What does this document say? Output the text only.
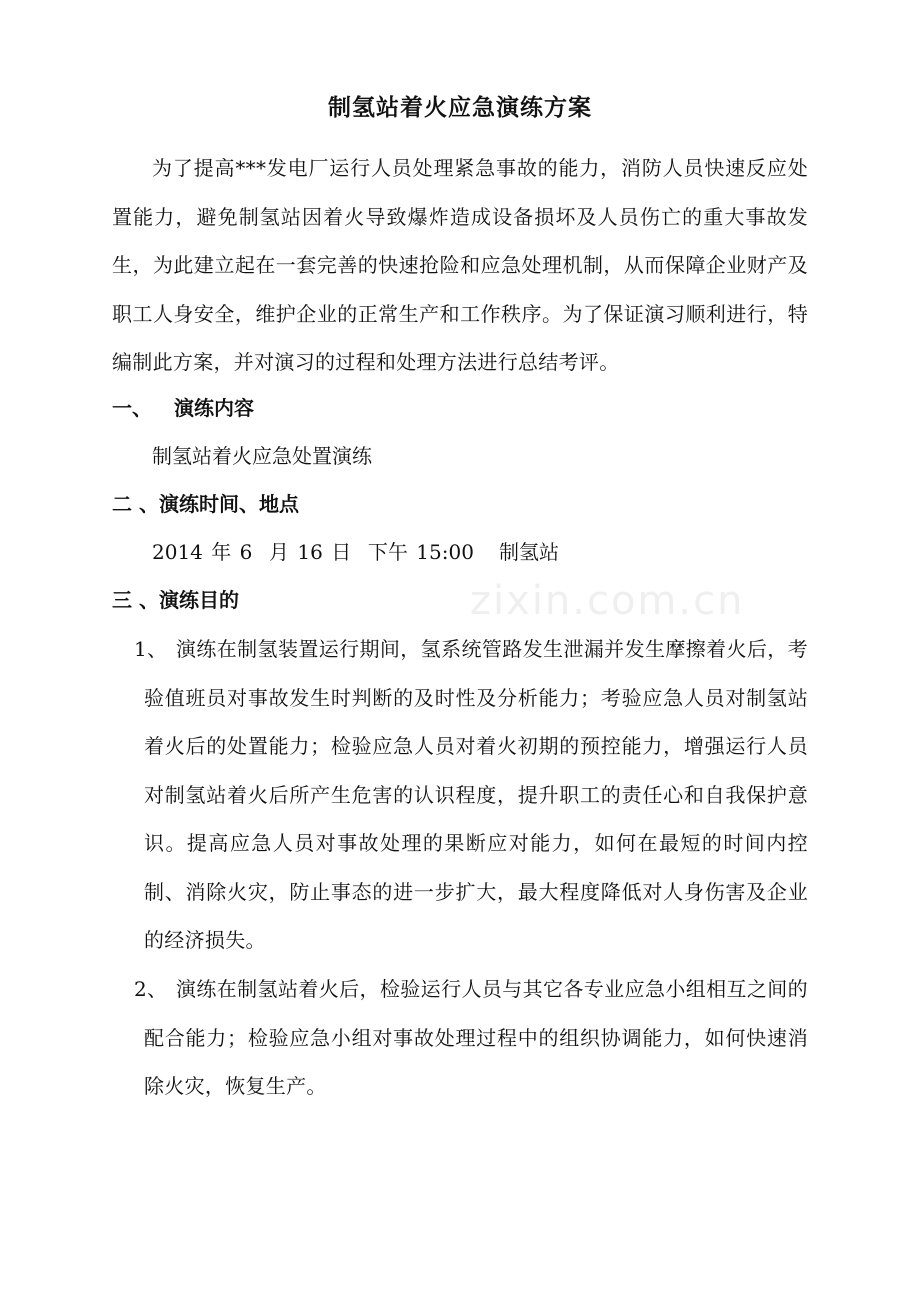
制氢站着火应急演练方案
为了提高***发电厂运行人员处理紧急事故的能力，消防人员快速反应处置能力，避免制氢站因着火导致爆炸造成设备损坏及人员伤亡的重大事故发生，为此建立起在一套完善的快速抢险和应急处理机制，从而保障企业财产及职工人身安全，维护企业的正常生产和工作秩序。为了保证演习顺利进行，特编制此方案，并对演习的过程和处理方法进行总结考评。
一、 演练内容
制氢站着火应急处置演练
二 、演练时间、地点
2014 年 6  月 16 日  下午 15:00   制氢站
三 、演练目的
1、 演练在制氢装置运行期间，氢系统管路发生泄漏并发生摩擦着火后，考验值班员对事故发生时判断的及时性及分析能力；考验应急人员对制氢站着火后的处置能力；检验应急人员对着火初期的预控能力，增强运行人员对制氢站着火后所产生危害的认识程度，提升职工的责任心和自我保护意识。提高应急人员对事故处理的果断应对能力，如何在最短的时间内控制、消除火灾，防止事态的进一步扩大，最大程度降低对人身伤害及企业的经济损失。
2、 演练在制氢站着火后，检验运行人员与其它各专业应急小组相互之间的配合能力；检验应急小组对事故处理过程中的组织协调能力，如何快速消除火灾，恢复生产。
zixin.com.cn
